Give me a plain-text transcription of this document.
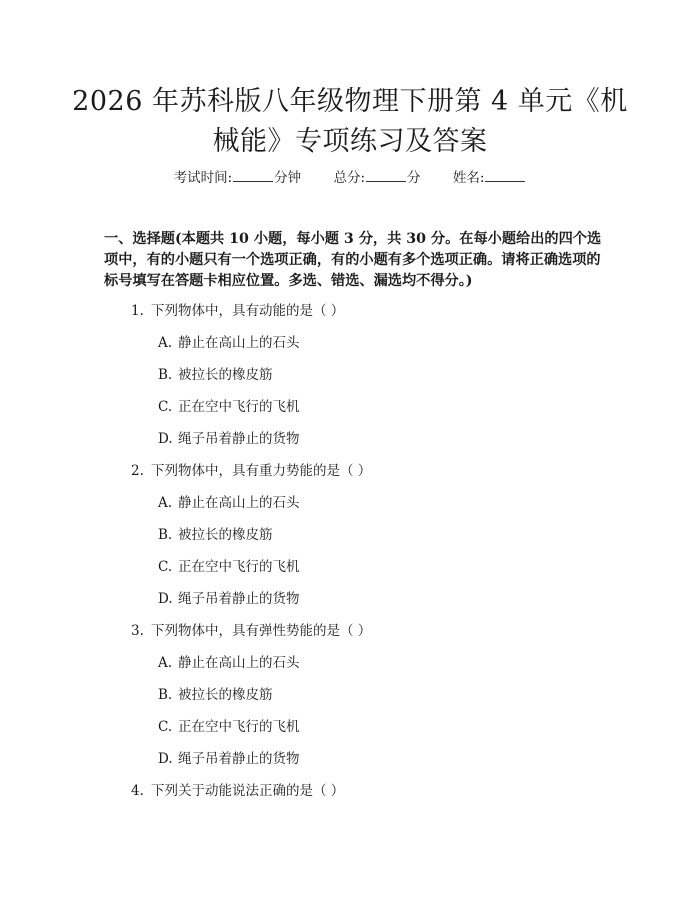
2026 年苏科版八年级物理下册第 4 单元《机
械能》专项练习及答案
考试时间:	分钟 总分:	分 姓名:

一、选择题(本题共 10 小题，每小题 3 分，共 30 分。在每小题给出的四个选项中，有的小题只有一个选项正确，有的小题有多个选项正确。请将正确选项的标号填写在答题卡相应位置。多选、错选、漏选均不得分。)

1. 下列物体中，具有动能的是（ ）
A. 静止在高山上的石头
B. 被拉长的橡皮筋
C. 正在空中飞行的飞机
D. 绳子吊着静止的货物
2. 下列物体中，具有重力势能的是（ ）
A. 静止在高山上的石头
B. 被拉长的橡皮筋
C. 正在空中飞行的飞机
D. 绳子吊着静止的货物
3. 下列物体中，具有弹性势能的是（ ）
A. 静止在高山上的石头
B. 被拉长的橡皮筋
C. 正在空中飞行的飞机
D. 绳子吊着静止的货物
4. 下列关于动能说法正确的是（ ）
